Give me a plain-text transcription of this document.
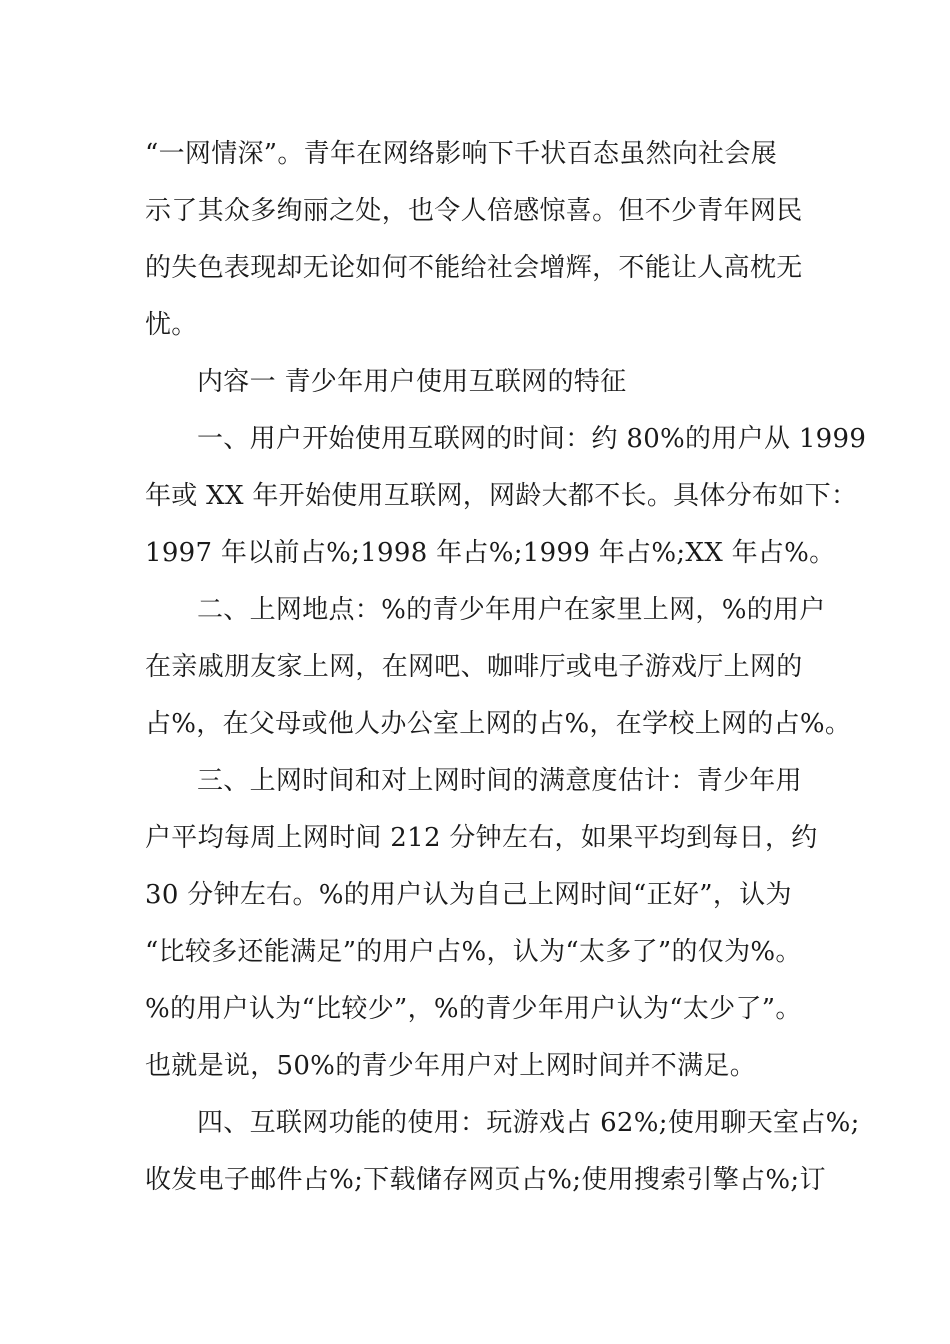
“一网情深”。青年在网络影响下千状百态虽然向社会展
示了其众多绚丽之处，也令人倍感惊喜。但不少青年网民
的失色表现却无论如何不能给社会增辉，不能让人高枕无
忧。
内容一 青少年用户使用互联网的特征
一、用户开始使用互联网的时间：约 80%的用户从 1999
年或 XX 年开始使用互联网，网龄大都不长。具体分布如下：
1997 年以前占%;1998 年占%;1999 年占%;XX 年占%。
二、上网地点：%的青少年用户在家里上网，%的用户
在亲戚朋友家上网，在网吧、咖啡厅或电子游戏厅上网的
占%，在父母或他人办公室上网的占%，在学校上网的占%。
三、上网时间和对上网时间的满意度估计：青少年用
户平均每周上网时间 212 分钟左右，如果平均到每日，约
30 分钟左右。%的用户认为自己上网时间“正好”，认为
“比较多还能满足”的用户占%，认为“太多了”的仅为%。
%的用户认为“比较少”，%的青少年用户认为“太少了”。
也就是说，50%的青少年用户对上网时间并不满足。
四、互联网功能的使用：玩游戏占 62%;使用聊天室占%;
收发电子邮件占%;下载储存网页占%;使用搜索引擎占%;订
